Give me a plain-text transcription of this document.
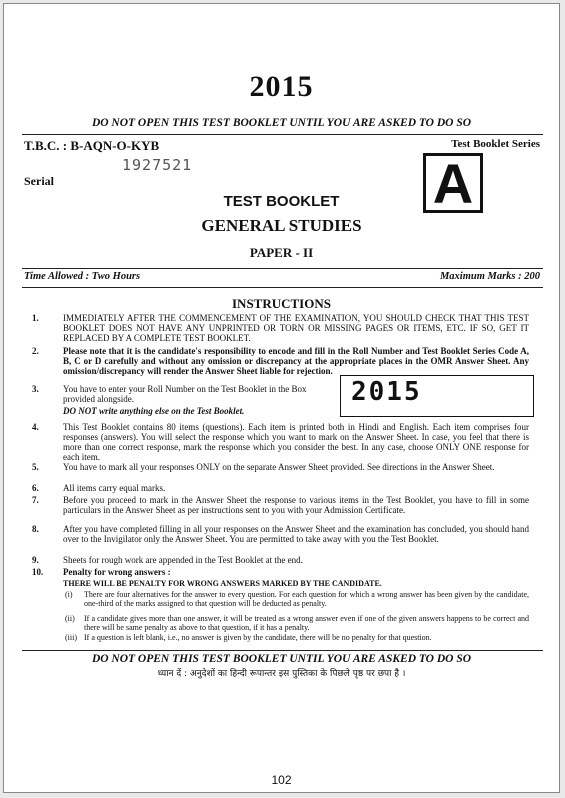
2015
DO NOT OPEN THIS TEST BOOKLET UNTIL YOU ARE ASKED TO DO SO
T.B.C. : B-AQN-O-KYB	Test Booklet Series
1927521
Serial	A
TEST BOOKLET
GENERAL STUDIES
PAPER - II
Time Allowed : Two Hours	Maximum Marks : 200
INSTRUCTIONS
1.	IMMEDIATELY AFTER THE COMMENCEMENT OF THE EXAMINATION, YOU SHOULD CHECK THAT THIS TEST BOOKLET DOES NOT HAVE ANY UNPRINTED OR TORN OR MISSING PAGES OR ITEMS, ETC. IF SO, GET IT REPLACED BY A COMPLETE TEST BOOKLET.
2.	Please note that it is the candidate's responsibility to encode and fill in the Roll Number and Test Booklet Series Code A, B, C or D carefully and without any omission or discrepancy at the appropriate places in the OMR Answer Sheet. Any omission/discrepancy will render the Answer Sheet liable for rejection.
3.	You have to enter your Roll Number on the Test Booklet in the Box provided alongside.
DO NOT write anything else on the Test Booklet.
2015
4.	This Test Booklet contains 80 items (questions). Each item is printed both in Hindi and English. Each item comprises four responses (answers). You will select the response which you want to mark on the Answer Sheet. In case, you feel that there is more than one correct response, mark the response which you consider the best. In any case, choose ONLY ONE response for each item.
5.	You have to mark all your responses ONLY on the separate Answer Sheet provided. See directions in the Answer Sheet.
6.	All items carry equal marks.
7.	Before you proceed to mark in the Answer Sheet the response to various items in the Test Booklet, you have to fill in some particulars in the Answer Sheet as per instructions sent to you with your Admission Certificate.
8.	After you have completed filling in all your responses on the Answer Sheet and the examination has concluded, you should hand over to the Invigilator only the Answer Sheet. You are permitted to take away with you the Test Booklet.
9.	Sheets for rough work are appended in the Test Booklet at the end.
10. Penalty for wrong answers :
THERE WILL BE PENALTY FOR WRONG ANSWERS MARKED BY THE CANDIDATE.
(i) There are four alternatives for the answer to every question. For each question for which a wrong answer has been given by the candidate, one-third of the marks assigned to that question will be deducted as penalty.
(ii) If a candidate gives more than one answer, it will be treated as a wrong answer even if one of the given answers happens to be correct and there will be same penalty as above to that question, if it has a penalty.
(iii) If a question is left blank, i.e., no answer is given by the candidate, there will be no penalty for that question.
DO NOT OPEN THIS TEST BOOKLET UNTIL YOU ARE ASKED TO DO SO
ध्यान दें : अनुदेशों का हिन्दी रूपान्तर इस पुस्तिका के पिछले पृष्ठ पर छपा है ।
102
